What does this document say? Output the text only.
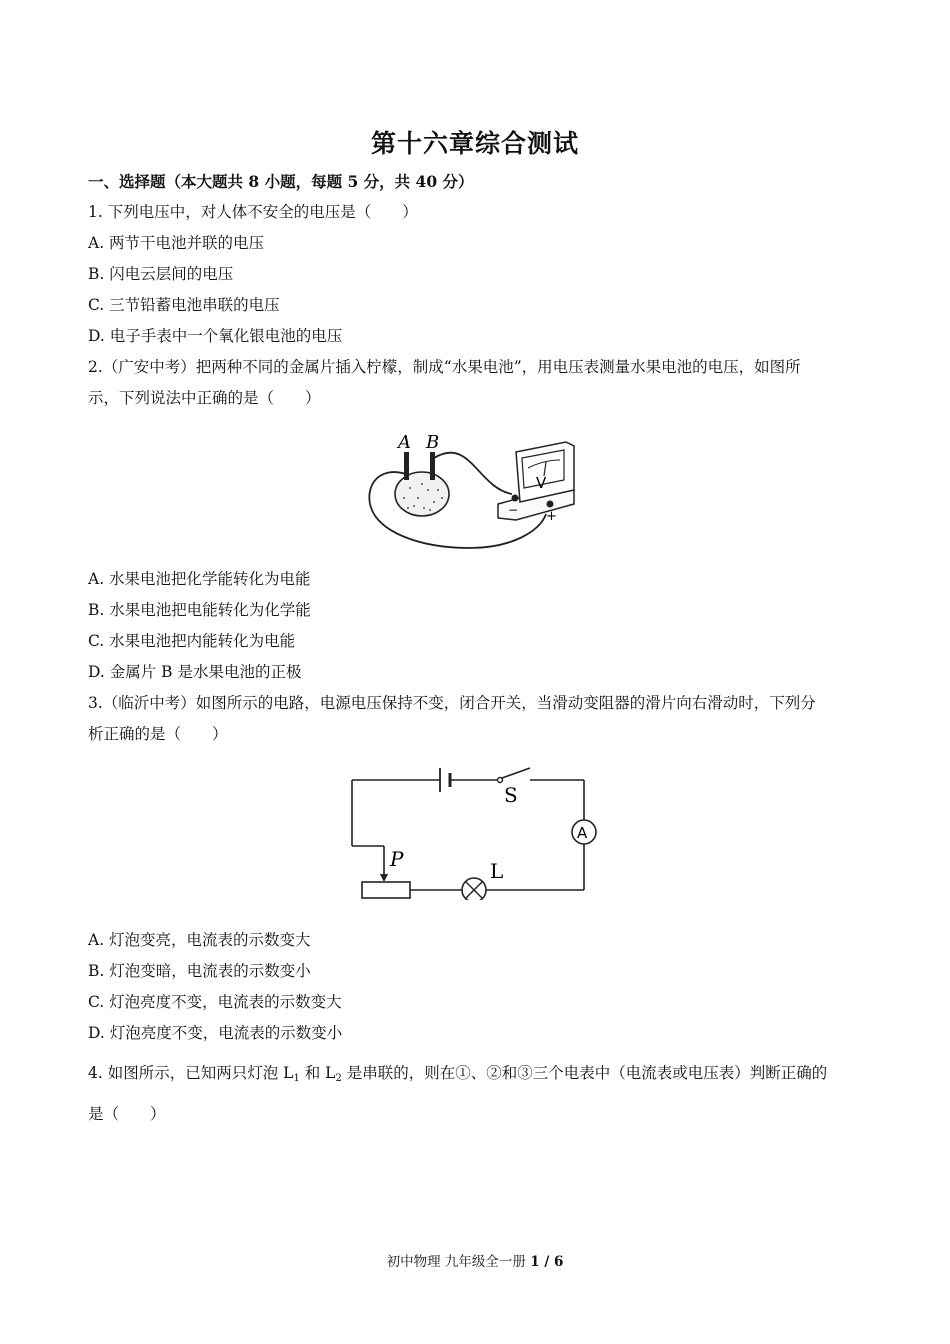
第十六章综合测试
一、选择题（本大题共 8 小题，每题 5 分，共 40 分）
1. 下列电压中，对人体不安全的电压是（　　）
A. 两节干电池并联的电压
B. 闪电云层间的电压
C. 三节铅蓄电池串联的电压
D. 电子手表中一个氧化银电池的电压
2.（广安中考）把两种不同的金属片插入柠檬，制成“水果电池”，用电压表测量水果电池的电压，如图所
示，下列说法中正确的是（　　）
A B
V
− +
A. 水果电池把化学能转化为电能
B. 水果电池把电能转化为化学能
C. 水果电池把内能转化为电能
D. 金属片 B 是水果电池的正极
3.（临沂中考）如图所示的电路，电源电压保持不变，闭合开关，当滑动变阻器的滑片向右滑动时，下列分
析正确的是（　　）
S
A
L
P
A. 灯泡变亮，电流表的示数变大
B. 灯泡变暗，电流表的示数变小
C. 灯泡亮度不变，电流表的示数变大
D. 灯泡亮度不变，电流表的示数变小
4. 如图所示，已知两只灯泡 $L_1$ 和 $L_2$ 是串联的，则在①、②和③三个电表中（电流表或电压表）判断正确的
是（　　）
初中物理 九年级全一册 1 / 6
